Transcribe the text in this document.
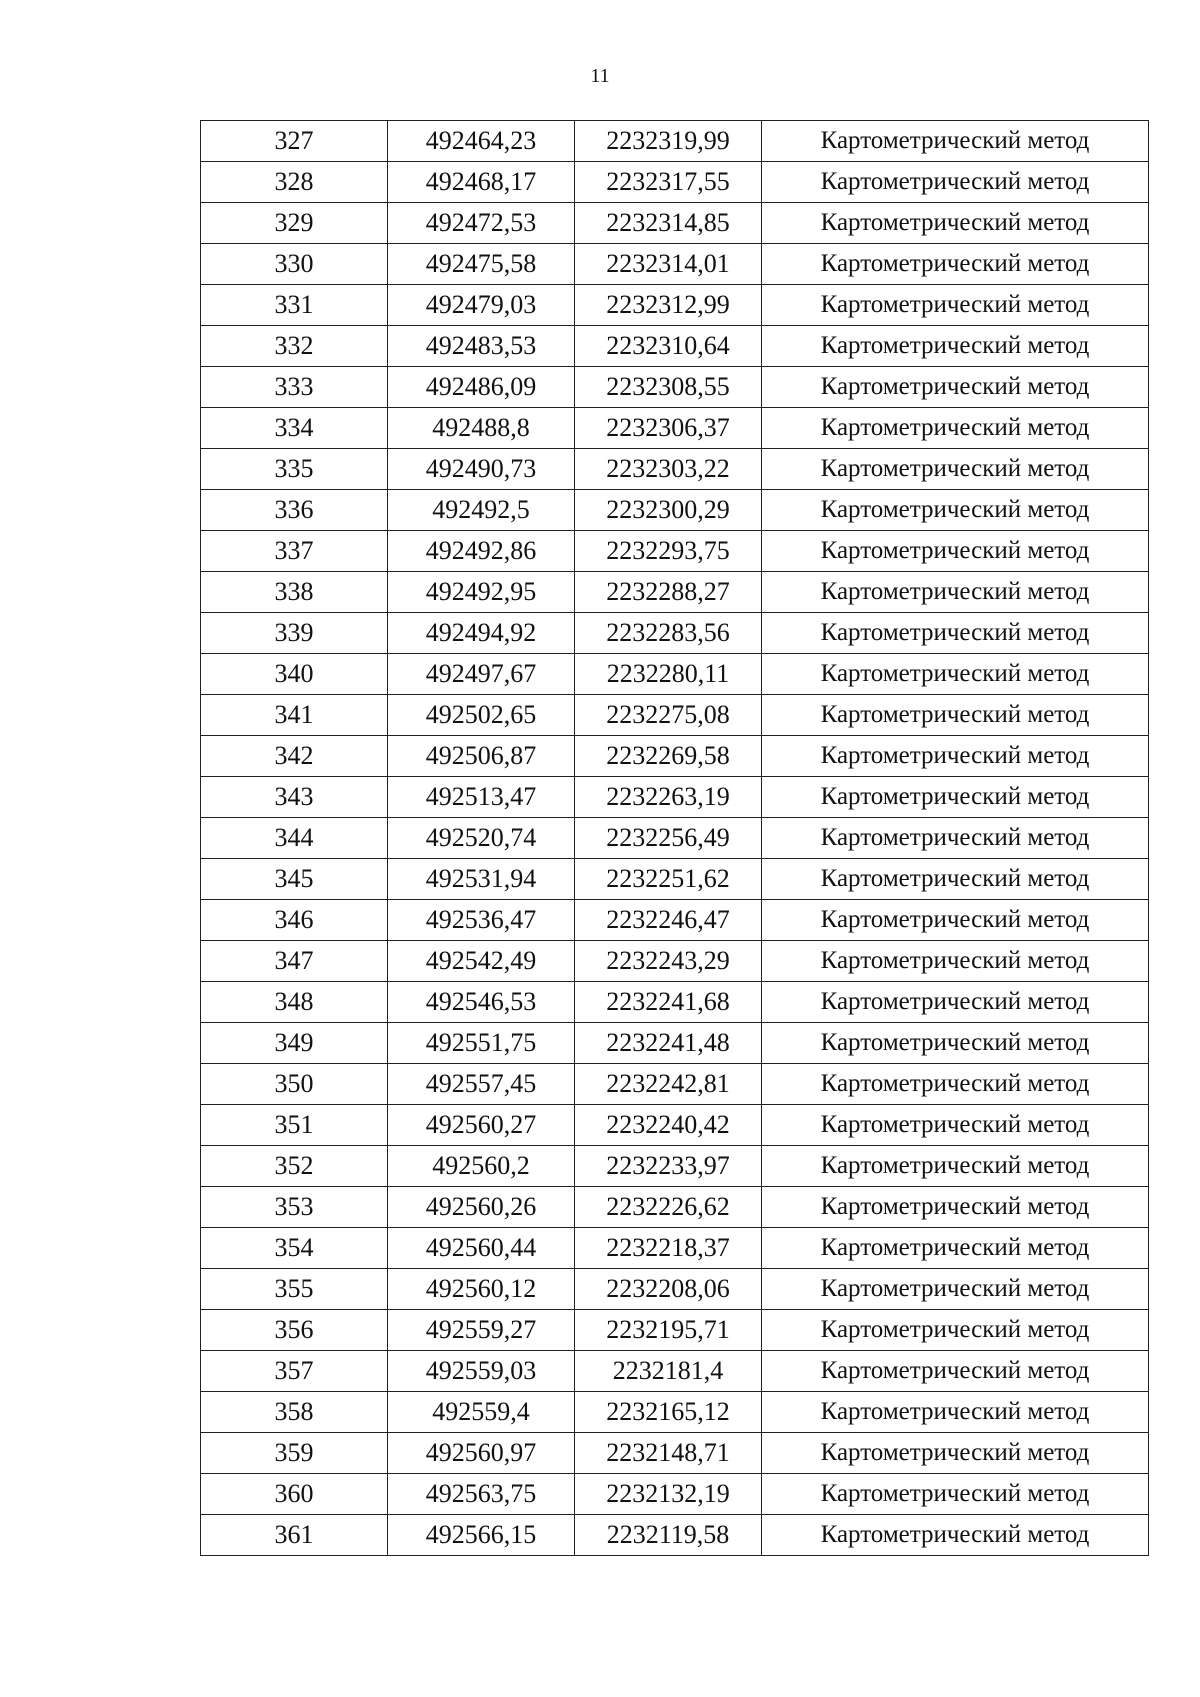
11
327	492464,23	2232319,99	Картометрический метод
328	492468,17	2232317,55	Картометрический метод
329	492472,53	2232314,85	Картометрический метод
330	492475,58	2232314,01	Картометрический метод
331	492479,03	2232312,99	Картометрический метод
332	492483,53	2232310,64	Картометрический метод
333	492486,09	2232308,55	Картометрический метод
334	492488,8	2232306,37	Картометрический метод
335	492490,73	2232303,22	Картометрический метод
336	492492,5	2232300,29	Картометрический метод
337	492492,86	2232293,75	Картометрический метод
338	492492,95	2232288,27	Картометрический метод
339	492494,92	2232283,56	Картометрический метод
340	492497,67	2232280,11	Картометрический метод
341	492502,65	2232275,08	Картометрический метод
342	492506,87	2232269,58	Картометрический метод
343	492513,47	2232263,19	Картометрический метод
344	492520,74	2232256,49	Картометрический метод
345	492531,94	2232251,62	Картометрический метод
346	492536,47	2232246,47	Картометрический метод
347	492542,49	2232243,29	Картометрический метод
348	492546,53	2232241,68	Картометрический метод
349	492551,75	2232241,48	Картометрический метод
350	492557,45	2232242,81	Картометрический метод
351	492560,27	2232240,42	Картометрический метод
352	492560,2	2232233,97	Картометрический метод
353	492560,26	2232226,62	Картометрический метод
354	492560,44	2232218,37	Картометрический метод
355	492560,12	2232208,06	Картометрический метод
356	492559,27	2232195,71	Картометрический метод
357	492559,03	2232181,4	Картометрический метод
358	492559,4	2232165,12	Картометрический метод
359	492560,97	2232148,71	Картометрический метод
360	492563,75	2232132,19	Картометрический метод
361	492566,15	2232119,58	Картометрический метод
